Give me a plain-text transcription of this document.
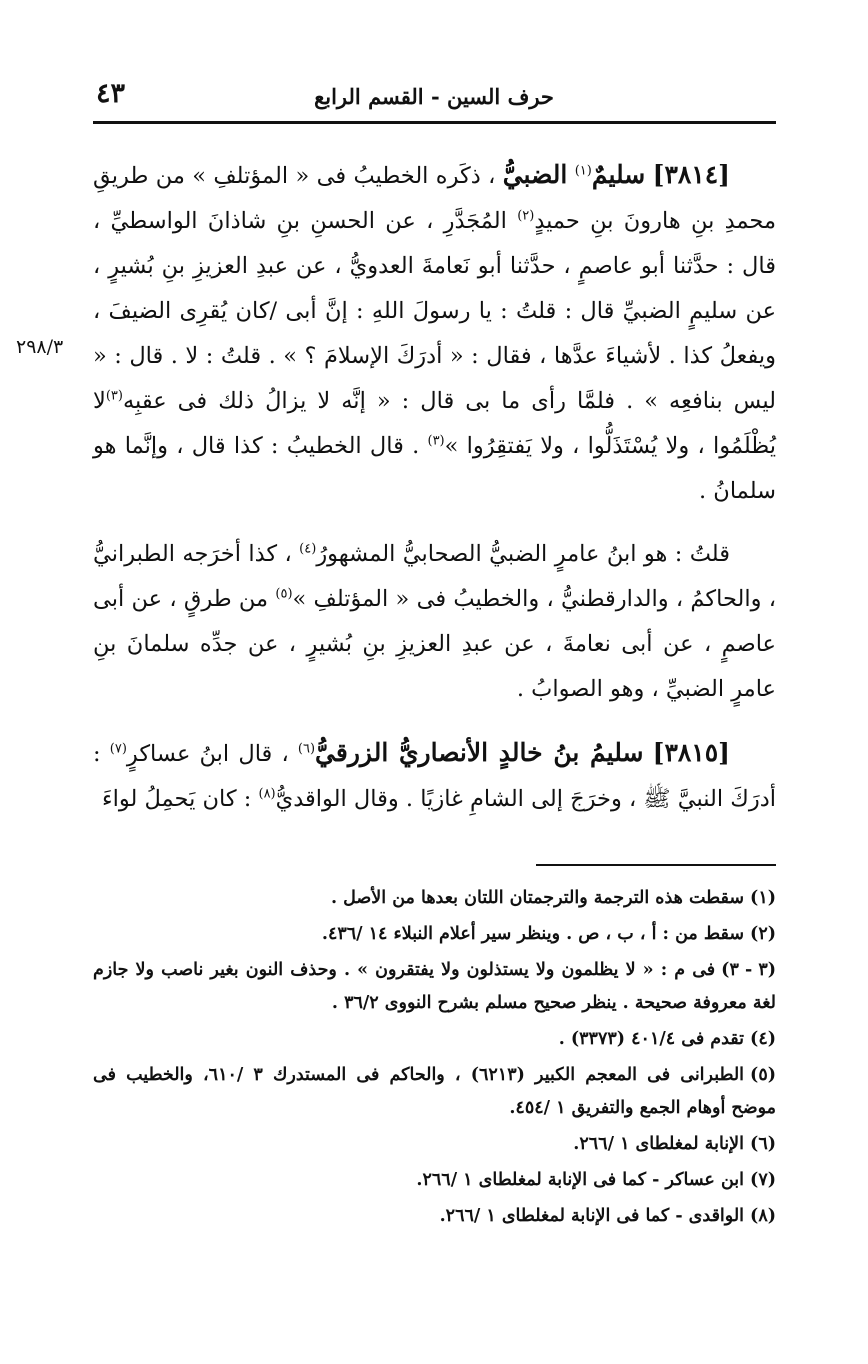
حرف السين - القسم الرابع
٤٣
٢٩٨/٣

[٣٨١٤] سليمٌ$^{(١)}$ الضبيُّ ، ذكَره الخطيبُ فى « المؤتلفِ » من طريقِ محمدِ بنِ هارونَ بنِ حميدٍ$^{(٢)}$ المُجَدَّرِ ، عن الحسنِ بنِ شاذانَ الواسطيِّ ، قال : حدَّثنا أبو عاصمٍ ، حدَّثنا أبو نَعامةَ العدويُّ ، عن عبدِ العزيزِ بنِ بُشيرٍ ، عن سليمٍ الضبيِّ قال : قلتُ : يا رسولَ اللهِ : إنَّ أبى /كان يُقرِى الضيفَ ، ويفعلُ كذا . لأشياءَ عدَّها ، فقال : « أدرَكَ الإسلامَ ؟ » . قلتُ : لا . قال : « ليس بنافعِه » . فلمَّا رأى ما بى قال : « إنَّه لا يزالُ ذلك فى عقبِه$^{(٣)}$لا يُظْلَمُوا ، ولا يُسْتَذَلُّوا ، ولا يَفتقِرُوا »$^{(٣)}$ . قال الخطيبُ : كذا قال ، وإنَّما هو سلمانُ .

قلتُ : هو ابنُ عامرٍ الضبيُّ الصحابيُّ المشهورُ$^{(٤)}$ ، كذا أخرَجه الطبرانيُّ ، والحاكمُ ، والدارقطنيُّ ، والخطيبُ فى « المؤتلفِ »$^{(٥)}$ من طرقٍ ، عن أبى عاصمٍ ، عن أبى نعامةَ ، عن عبدِ العزيزِ بنِ بُشيرٍ ، عن جدِّه سلمانَ بنِ عامرٍ الضبيِّ ، وهو الصوابُ .

[٣٨١٥] سليمُ بنُ خالدٍ الأنصاريُّ الزرقيُّ$^{(٦)}$ ، قال ابنُ عساكرٍ$^{(٧)}$ : أدرَكَ النبيَّ ﷺ ، وخرَجَ إلى الشامِ غازيًا . وقال الواقديُّ$^{(٨)}$ : كان يَحمِلُ لواءَ

(١)سقطت هذه الترجمة والترجمتان اللتان بعدها من الأصل .

(٢)سقط من : أ ، ب ، ص . وينظر سير أعلام النبلاء ١٤ /٤٣٦.

(٣ - ٣)فى م : « لا يظلمون ولا يستذلون ولا يفتقرون » . وحذف النون بغير ناصب ولا جازم لغة معروفة صحيحة . ينظر صحيح مسلم بشرح النووى ٣٦/٢ .

(٤)تقدم فى ٤٠١/٤ (٣٣٧٣) .

(٥)الطبرانى فى المعجم الكبير (٦٢١٣) ، والحاكم فى المستدرك ٣ /٦١٠، والخطيب فى موضح أوهام الجمع والتفريق ١ /٤٥٤.

(٦)الإنابة لمغلطاى ١ /٢٦٦.

(٧)ابن عساكر - كما فى الإنابة لمغلطاى ١ /٢٦٦.

(٨)الواقدى - كما فى الإنابة لمغلطاى ١ /٢٦٦.
